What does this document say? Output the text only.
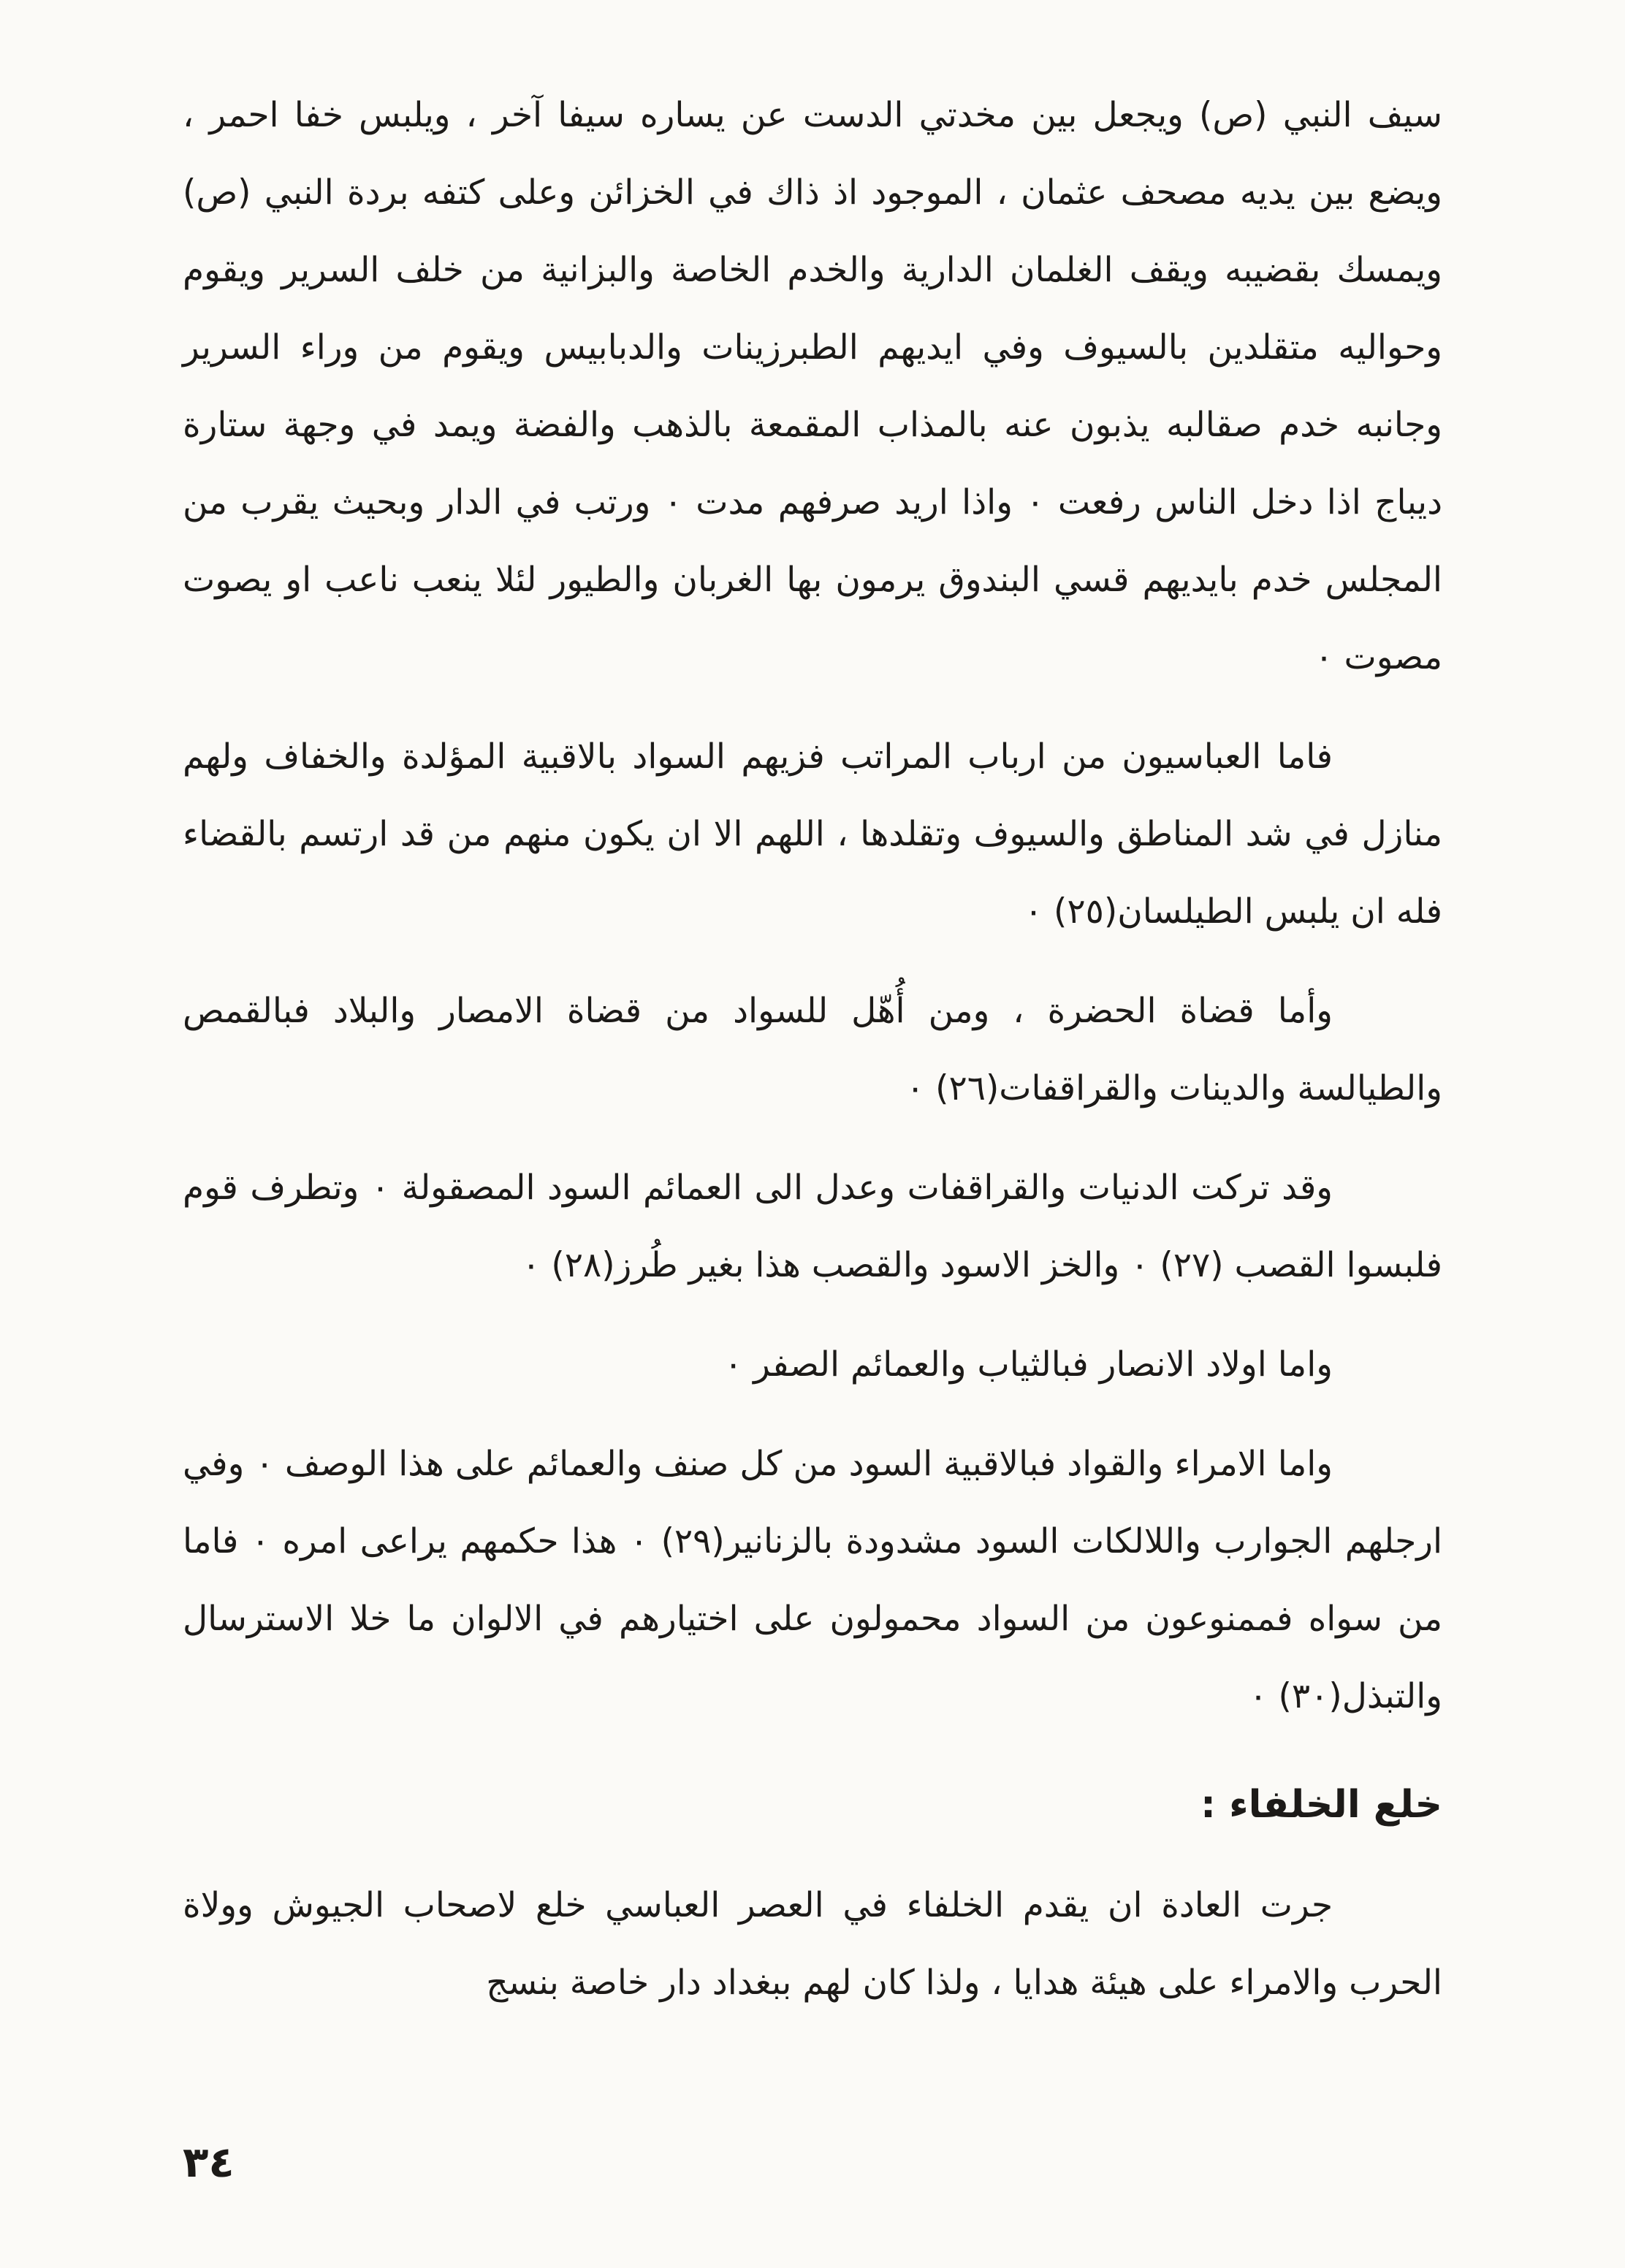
سيف النبي (ص) ويجعل بين مخدتي الدست عن يساره سيفا آخر ، ويلبس خفا احمر ، ويضع بين يديه مصحف عثمان ، الموجود اذ ذاك في الخزائن وعلى كتفه بردة النبي (ص) ويمسك بقضيبه ويقف الغلمان الدارية والخدم الخاصة والبزانية من خلف السرير ويقوم وحواليه متقلدين بالسيوف وفي ايديهم الطبرزينات والدبابيس ويقوم من وراء السرير وجانبه خدم صقالبه يذبون عنه بالمذاب المقمعة بالذهب والفضة ويمد في وجهة ستارة ديباج اذا دخل الناس رفعت ۰ واذا اريد صرفهم مدت ۰ ورتب في الدار وبحيث يقرب من المجلس خدم بايديهم قسي البندوق يرمون بها الغربان والطيور لئلا ينعب ناعب او يصوت مصوت ۰

فاما العباسيون من ارباب المراتب فزيهم السواد بالاقبية المؤلدة والخفاف ولهم منازل في شد المناطق والسيوف وتقلدها ، اللهم الا ان يكون منهم من قد ارتسم بالقضاء فله ان يلبس الطيلسان(٢٥) ۰

وأما قضاة الحضرة ، ومن أُهّل للسواد من قضاة الامصار والبلاد فبالقمص والطيالسة والدينات والقراقفات(٢٦) ۰

وقد تركت الدنيات والقراقفات وعدل الى العمائم السود المصقولة ۰ وتطرف قوم فلبسوا القصب (٢٧) ۰ والخز الاسود والقصب هذا بغير طُرز(٢٨) ۰

واما اولاد الانصار فبالثياب والعمائم الصفر ۰

واما الامراء والقواد فبالاقبية السود من كل صنف والعمائم على هذا الوصف ۰ وفي ارجلهم الجوارب واللالكات السود مشدودة بالزنانير(٢٩) ۰ هذا حكمهم يراعى امره ۰ فاما من سواه فممنوعون من السواد محمولون على اختيارهم في الالوان ما خلا الاسترسال والتبذل(٣٠) ۰

خلع الخلفاء :

جرت العادة ان يقدم الخلفاء في العصر العباسي خلع لاصحاب الجيوش وولاة الحرب والامراء على هيئة هدايا ، ولذا كان لهم ببغداد دار خاصة بنسج

٣٤
